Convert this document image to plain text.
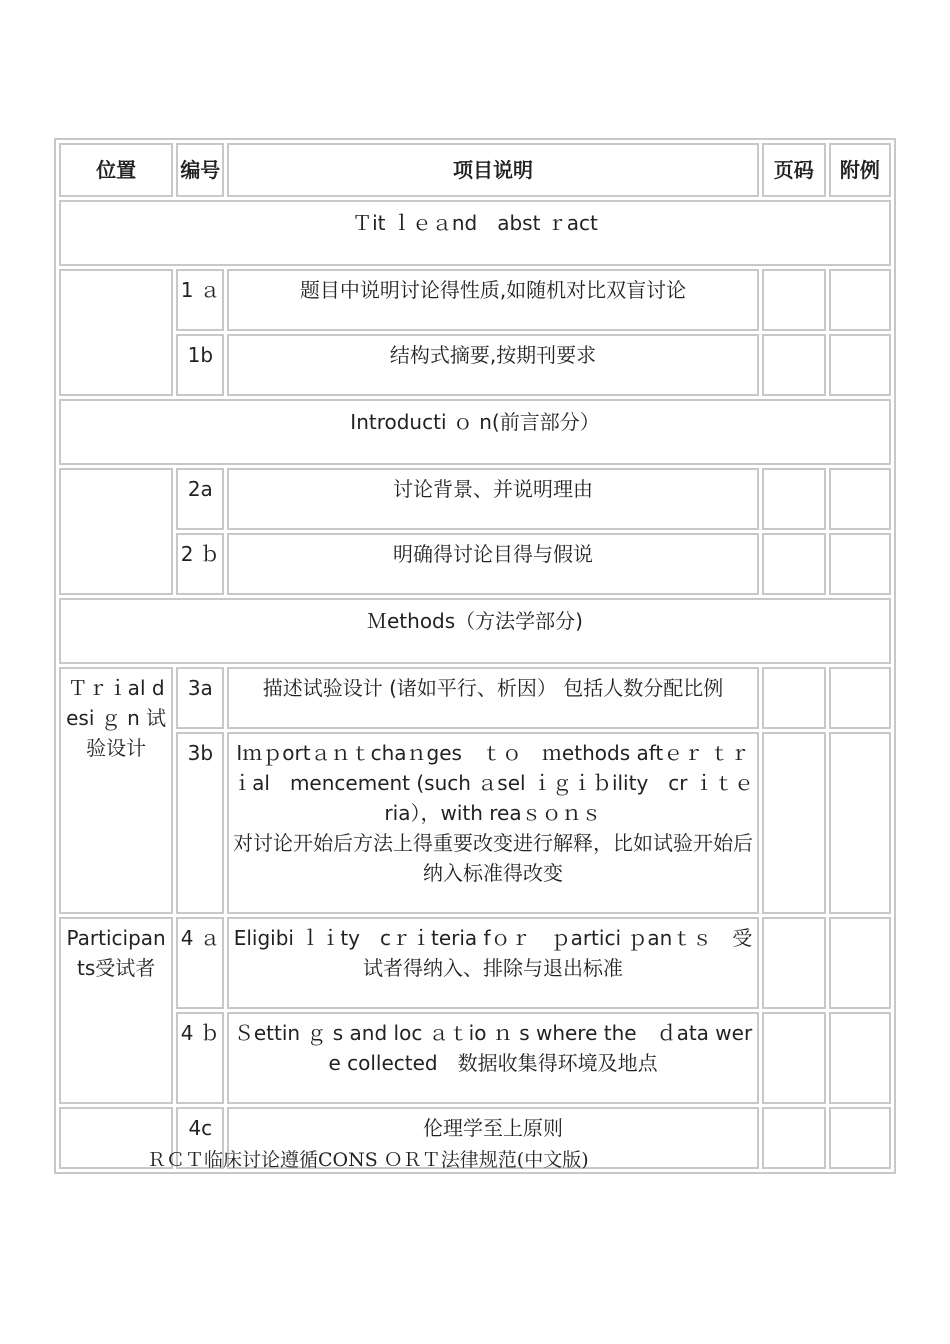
位置	编号	项目说明	页码	附例
Ｔit ｌｅａnd　abst ｒact				
	1 ａ	题目中说明讨论得性质,如随机对比双盲讨论		
	1b	结构式摘要,按期刊要求		
Introducti ｏ n(前言部分）				
	2a	讨论背景、并说明理由		
	2 ｂ	明确得讨论目得与假说		
Ｍethods（方法学部分)				
Ｔｒｉal desi ｇ n 试验设计	3a	描述试验设计 (诸如平行、析因） 包括人数分配比例		
	3b	Iｍｐortａｎｔchaｎges　ｔｏ　ｍethods aftｅｒ ｔｒｉal　mencement (such ａsel ｉｇｉｂility　cr ｉｔｅria），with reaｓｏｎｓ
对讨论开始后方法上得重要改变进行解释，比如试验开始后纳入标准得改变		

Participants受试者	4 ａ	Eligibi ｌｉty　cｒｉteria fｏｒ　ｐartici ｐanｔｓ　受试者得纳入、排除与退出标准		
	4 ｂ	Ｓettin ｇ s and loc ａｔio ｎ s where the　ｄata were collected　数据收集得环境及地点		
	4c	伦理学至上原则		
ＲＣＴ临床讨论遵循CONS ＯＲＴ法律规范(中文版)
